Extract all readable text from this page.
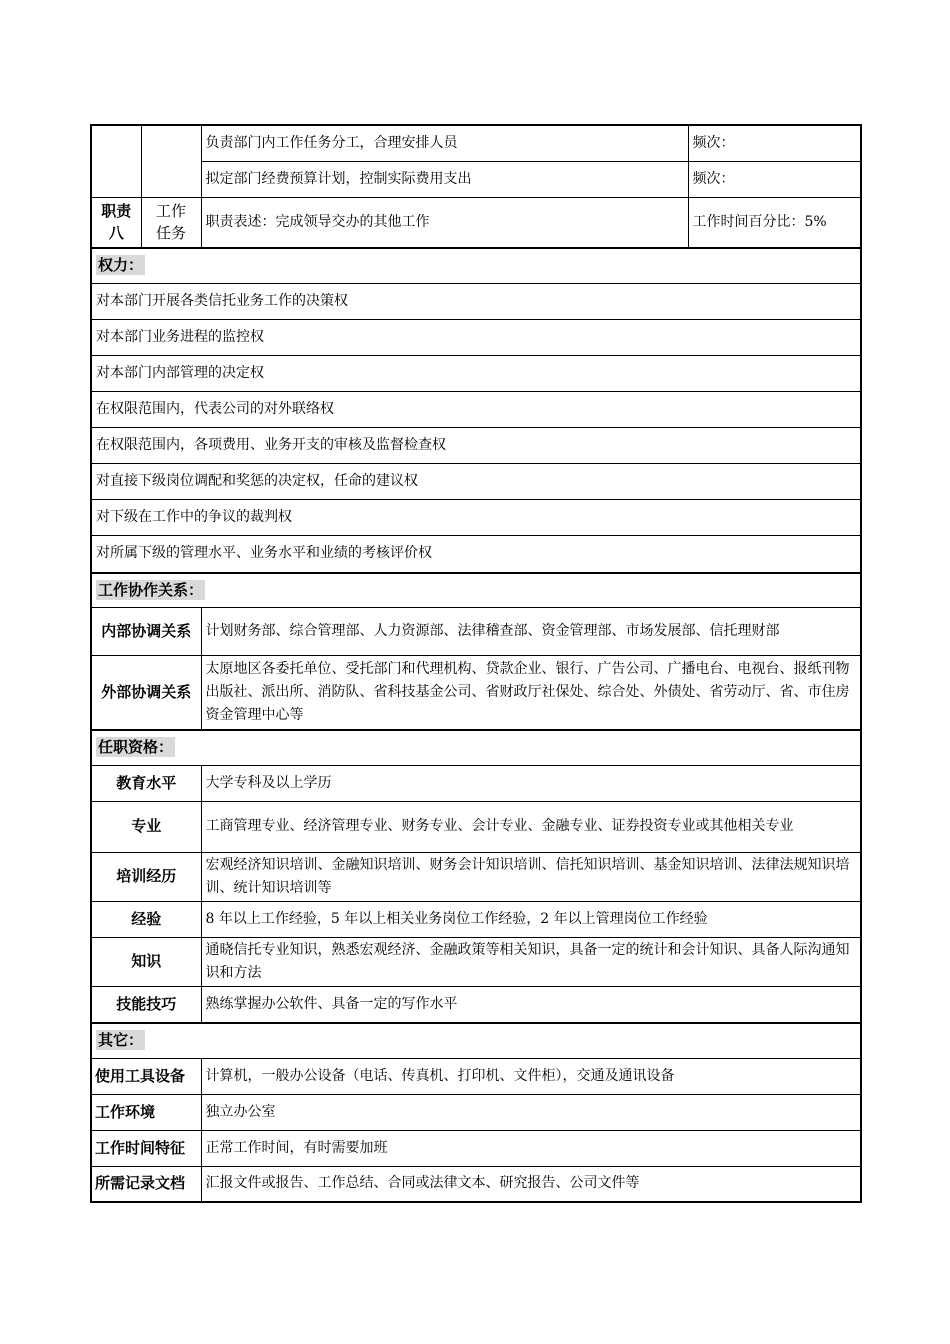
		负责部门内工作任务分工，合理安排人员	频次：
		拟定部门经费预算计划，控制实际费用支出	频次：
职责八	工作任务	职责表述：完成领导交办的其他工作	工作时间百分比：5%
权力：			
对本部门开展各类信托业务工作的决策权			
对本部门业务进程的监控权			
对本部门内部管理的决定权			
在权限范围内，代表公司的对外联络权			
在权限范围内，各项费用、业务开支的审核及监督检查权			
对直接下级岗位调配和奖惩的决定权，任命的建议权			
对下级在工作中的争议的裁判权			
对所属下级的管理水平、业务水平和业绩的考核评价权			
工作协作关系：			
内部协调关系		计划财务部、综合管理部、人力资源部、法律稽查部、资金管理部、市场发展部、信托理财部	
外部协调关系		太原地区各委托单位、受托部门和代理机构、贷款企业、银行、广告公司、广播电台、电视台、报纸刊物出版社、派出所、消防队、省科技基金公司、省财政厅社保处、综合处、外债处、省劳动厅、省、市住房资金管理中心等	
任职资格：			
教育水平		大学专科及以上学历	
专业		工商管理专业、经济管理专业、财务专业、会计专业、金融专业、证券投资专业或其他相关专业	
培训经历		宏观经济知识培训、金融知识培训、财务会计知识培训、信托知识培训、基金知识培训、法律法规知识培训、统计知识培训等	
经验		8 年以上工作经验，5 年以上相关业务岗位工作经验，2 年以上管理岗位工作经验	
知识		通晓信托专业知识，熟悉宏观经济、金融政策等相关知识，具备一定的统计和会计知识、具备人际沟通知识和方法	
技能技巧		熟练掌握办公软件、具备一定的写作水平	
其它：			
使用工具设备		计算机，一般办公设备（电话、传真机、打印机、文件柜），交通及通讯设备	
工作环境		独立办公室	
工作时间特征		正常工作时间，有时需要加班	
所需记录文档		汇报文件或报告、工作总结、合同或法律文本、研究报告、公司文件等	
